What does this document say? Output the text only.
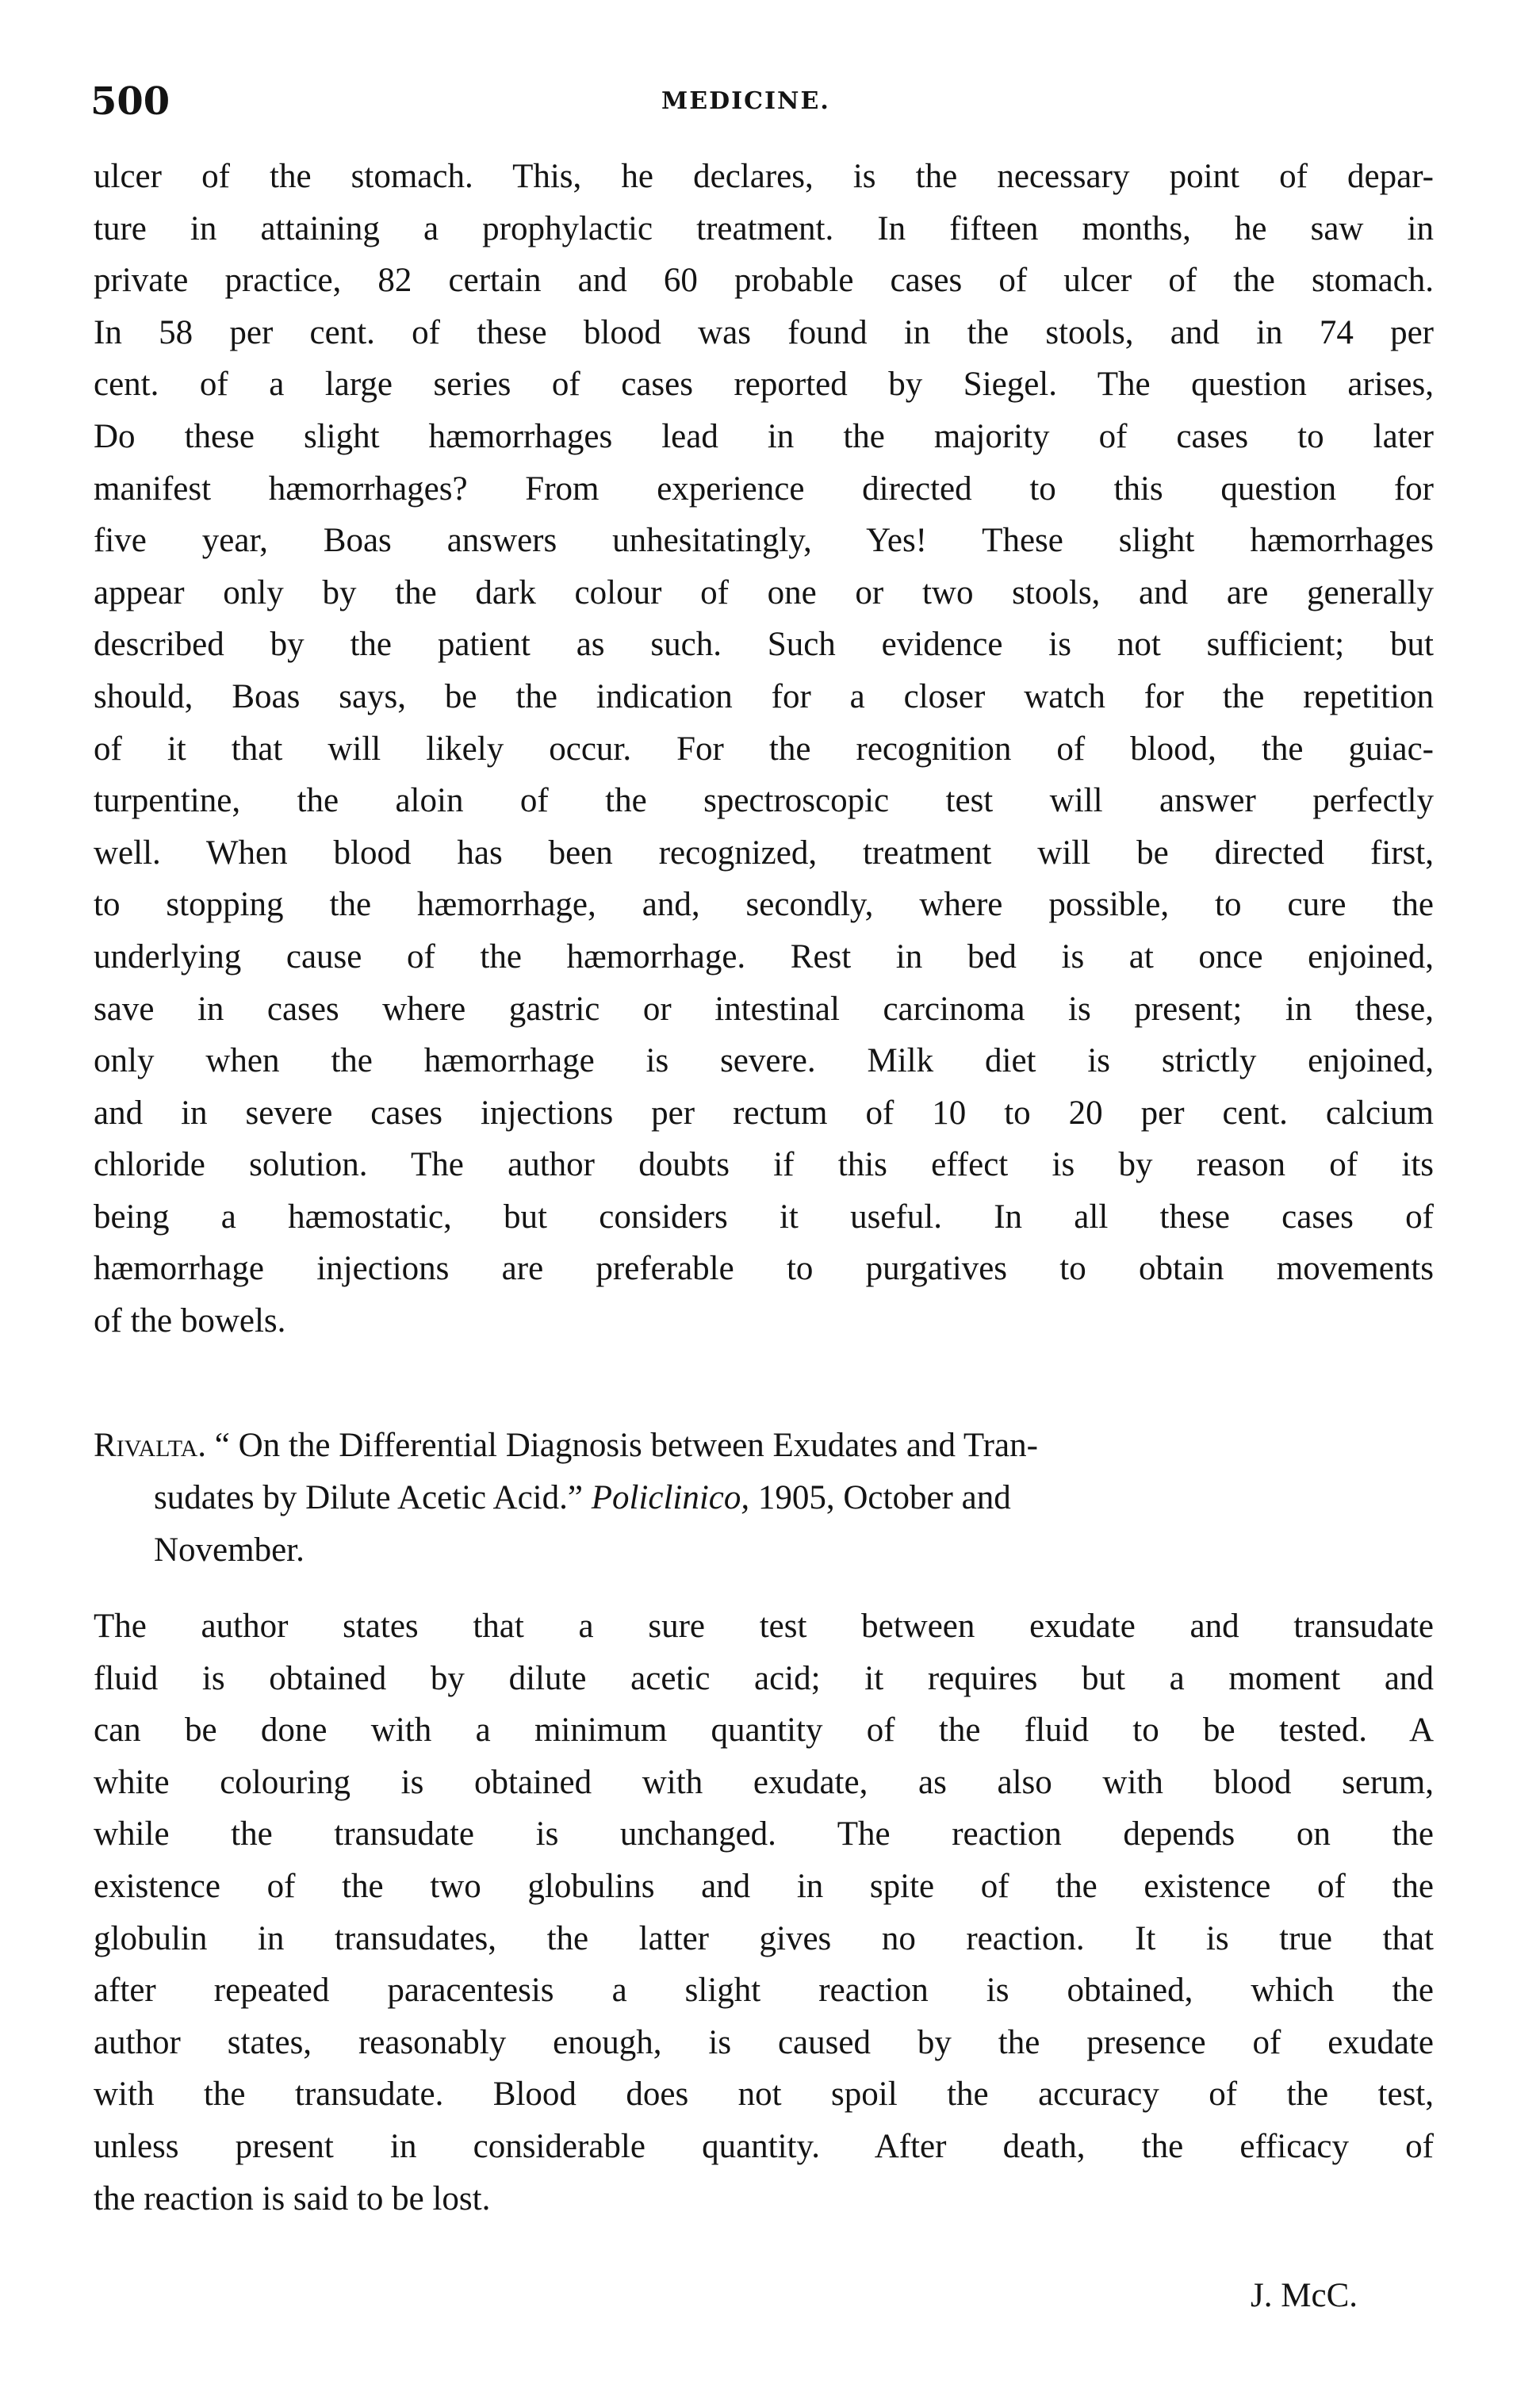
500	MEDICINE.
ulcer of the stomach. This, he declares, is the necessary point of depar-
ture in attaining a prophylactic treatment. In fifteen months, he saw in
private practice, 82 certain and 60 probable cases of ulcer of the stomach.
In 58 per cent. of these blood was found in the stools, and in 74 per
cent. of a large series of cases reported by Siegel. The question arises,
Do these slight hæmorrhages lead in the majority of cases to later
manifest hæmorrhages? From experience directed to this question for
five year, Boas answers unhesitatingly, Yes! These slight hæmorrhages
appear only by the dark colour of one or two stools, and are generally
described by the patient as such. Such evidence is not sufficient; but
should, Boas says, be the indication for a closer watch for the repetition
of it that will likely occur. For the recognition of blood, the guiac-
turpentine, the aloin of the spectroscopic test will answer perfectly
well. When blood has been recognized, treatment will be directed first,
to stopping the hæmorrhage, and, secondly, where possible, to cure the
underlying cause of the hæmorrhage. Rest in bed is at once enjoined,
save in cases where gastric or intestinal carcinoma is present; in these,
only when the hæmorrhage is severe. Milk diet is strictly enjoined,
and in severe cases injections per rectum of 10 to 20 per cent. calcium
chloride solution. The author doubts if this effect is by reason of its
being a hæmostatic, but considers it useful. In all these cases of
hæmorrhage injections are preferable to purgatives to obtain movements
of the bowels.
Rivalta. “ On the Differential Diagnosis between Exudates and Tran-
sudates by Dilute Acetic Acid.” Policlinico, 1905, October and
November.
The author states that a sure test between exudate and transudate
fluid is obtained by dilute acetic acid; it requires but a moment and
can be done with a minimum quantity of the fluid to be tested. A
white colouring is obtained with exudate, as also with blood serum,
while the transudate is unchanged. The reaction depends on the
existence of the two globulins and in spite of the existence of the
globulin in transudates, the latter gives no reaction. It is true that
after repeated paracentesis a slight reaction is obtained, which the
author states, reasonably enough, is caused by the presence of exudate
with the transudate. Blood does not spoil the accuracy of the test,
unless present in considerable quantity. After death, the efficacy of
the reaction is said to be lost.
J. McC.
